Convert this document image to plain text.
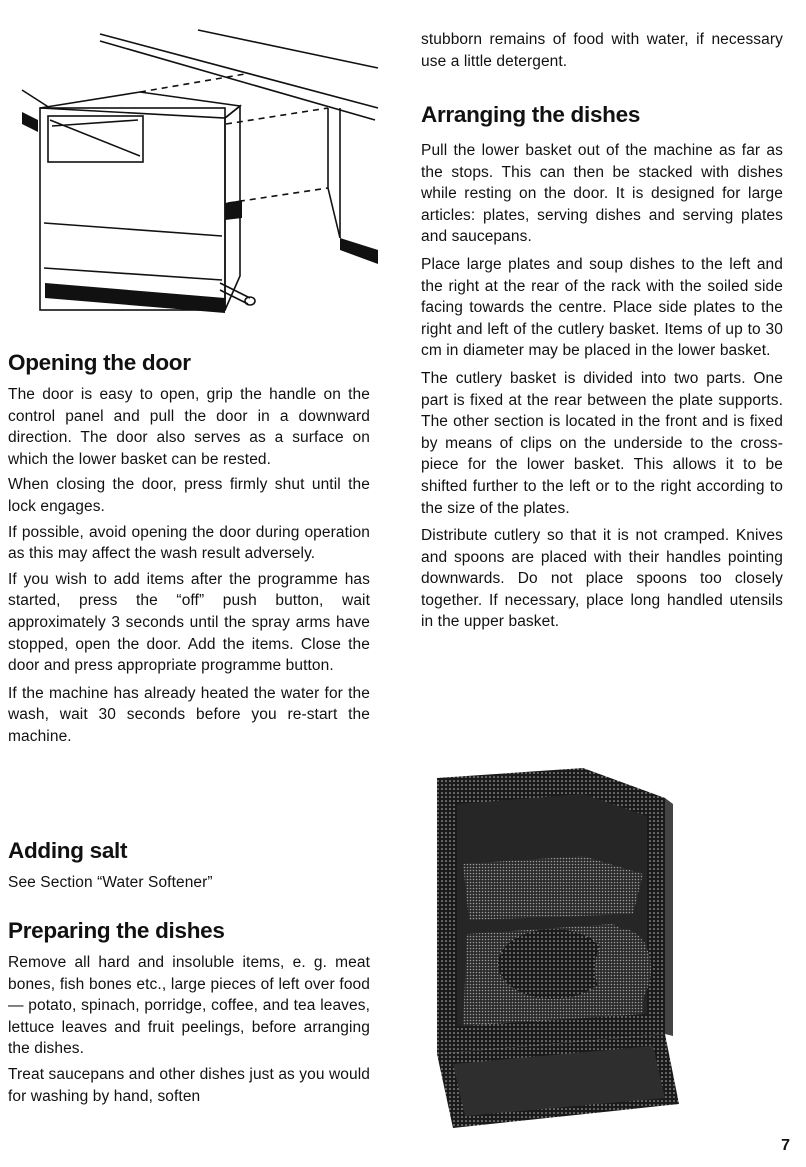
Opening the door

The door is easy to open, grip the handle on the control panel and pull the door in a downward direction. The door also serves as a surface on which the lower basket can be rested.

When closing the door, press firmly shut until the lock engages.

If possible, avoid opening the door during operation as this may affect the wash result adversely.

If you wish to add items after the programme has started, press the “off” push button, wait approximately 3 seconds until the spray arms have stopped, open the door. Add the items. Close the door and press appropriate programme button.

If the machine has already heated the water for the wash, wait 30 seconds before you re-start the machine.

Adding salt

See Section “Water Softener”

Preparing the dishes

Remove all hard and insoluble items, e. g. meat bones, fish bones etc., large pieces of left over food — potato, spinach, porridge, coffee, and tea leaves, lettuce leaves and fruit peelings, before arranging the dishes.

Treat saucepans and other dishes just as you would for washing by hand, soften

stubborn remains of food with water, if necessary use a little detergent.

Arranging the dishes

Pull the lower basket out of the machine as far as the stops. This can then be stacked with dishes while resting on the door. It is designed for large articles: plates, serving dishes and serving plates and saucepans.

Place large plates and soup dishes to the left and the right at the rear of the rack with the soiled side facing towards the centre. Place side plates to the right and left of the cutlery basket. Items of up to 30 cm in diameter may be placed in the lower basket.

The cutlery basket is divided into two parts. One part is fixed at the rear between the plate supports. The other section is located in the front and is fixed by means of clips on the underside to the cross-piece for the lower basket. This allows it to be shifted further to the left or to the right according to the size of the plates.

Distribute cutlery so that it is not cramped. Knives and spoons are placed with their handles pointing downwards. Do not place spoons too closely together. If necessary, place long handled utensils in the upper basket.

7
